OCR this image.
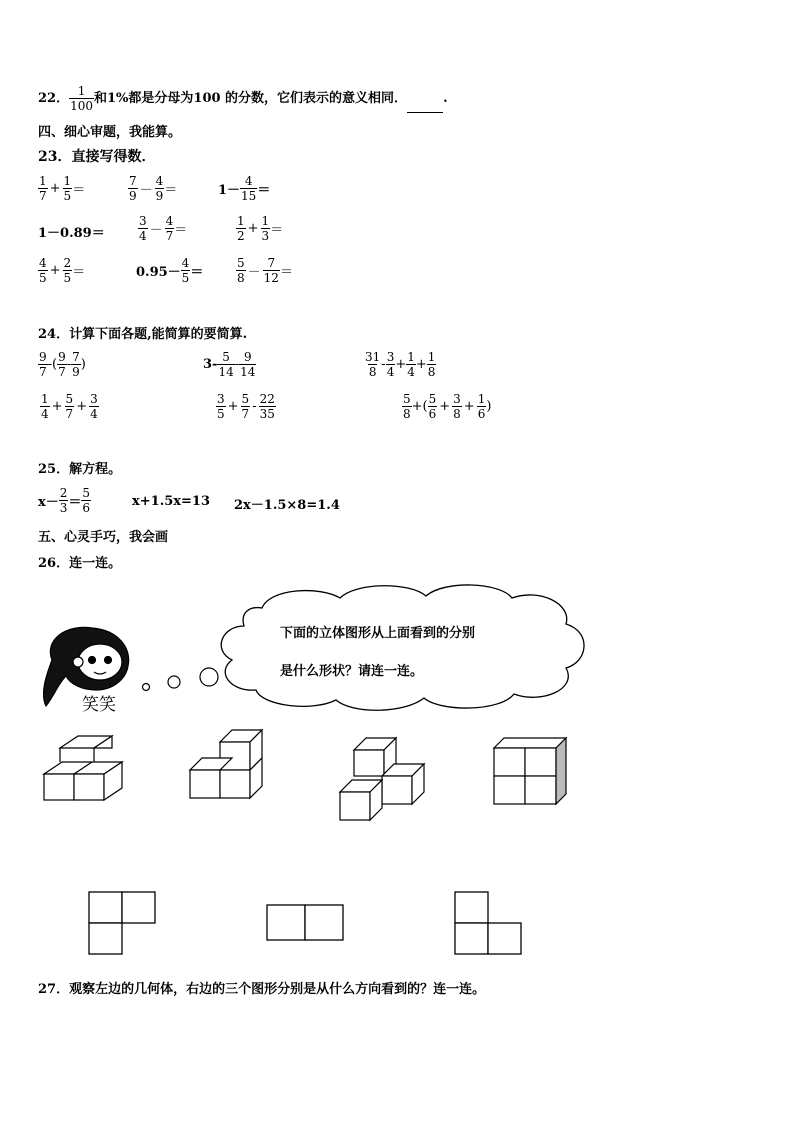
22． $\frac{1}{100}$ 和1%都是分母为100 的分数，它们表示的意义相同．	.
四、细心审题，我能算。
23．直接写得数．
$\frac{1}{7} + \frac{1}{5}$ ＝	$\frac{7}{9} - \frac{4}{9}$ ＝	$1- \frac{4}{15}$ ＝
1－0.89＝	$\frac{3}{4} - \frac{4}{7}$ ＝	$\frac{1}{2} + \frac{1}{3}$ ＝
$\frac{4}{5} + \frac{2}{5}$ ＝	$0.95- \frac{4}{5}$ ＝	$\frac{5}{8} - \frac{7}{12}$ ＝
24．计算下面各题,能简算的要简算.
$\frac{9}{7}$ -( $\frac{9}{7} - \frac{7}{9}$ )	$3- \frac{5}{14} - \frac{9}{14}$	$\frac{31}{8} - \frac{3}{4} + \frac{1}{4} + \frac{1}{8}$
$\frac{1}{4} + \frac{5}{7} + \frac{3}{4}$	$\frac{3}{5} + \frac{5}{7} - \frac{22}{35}$	$\frac{5}{8}$ +( $\frac{5}{6} + \frac{3}{8} + \frac{1}{6}$ )
25．解方程。
$x- \frac{2}{3} = \frac{5}{6}$	x+1.5x=13 2x－1.5×8=1.4
五、心灵手巧，我会画
26．连一连。
下面的立体图形从上面看到的分别
是什么形状？请连一连。
笑笑
27．观察左边的几何体，右边的三个图形分别是从什么方向看到的？连一连。
